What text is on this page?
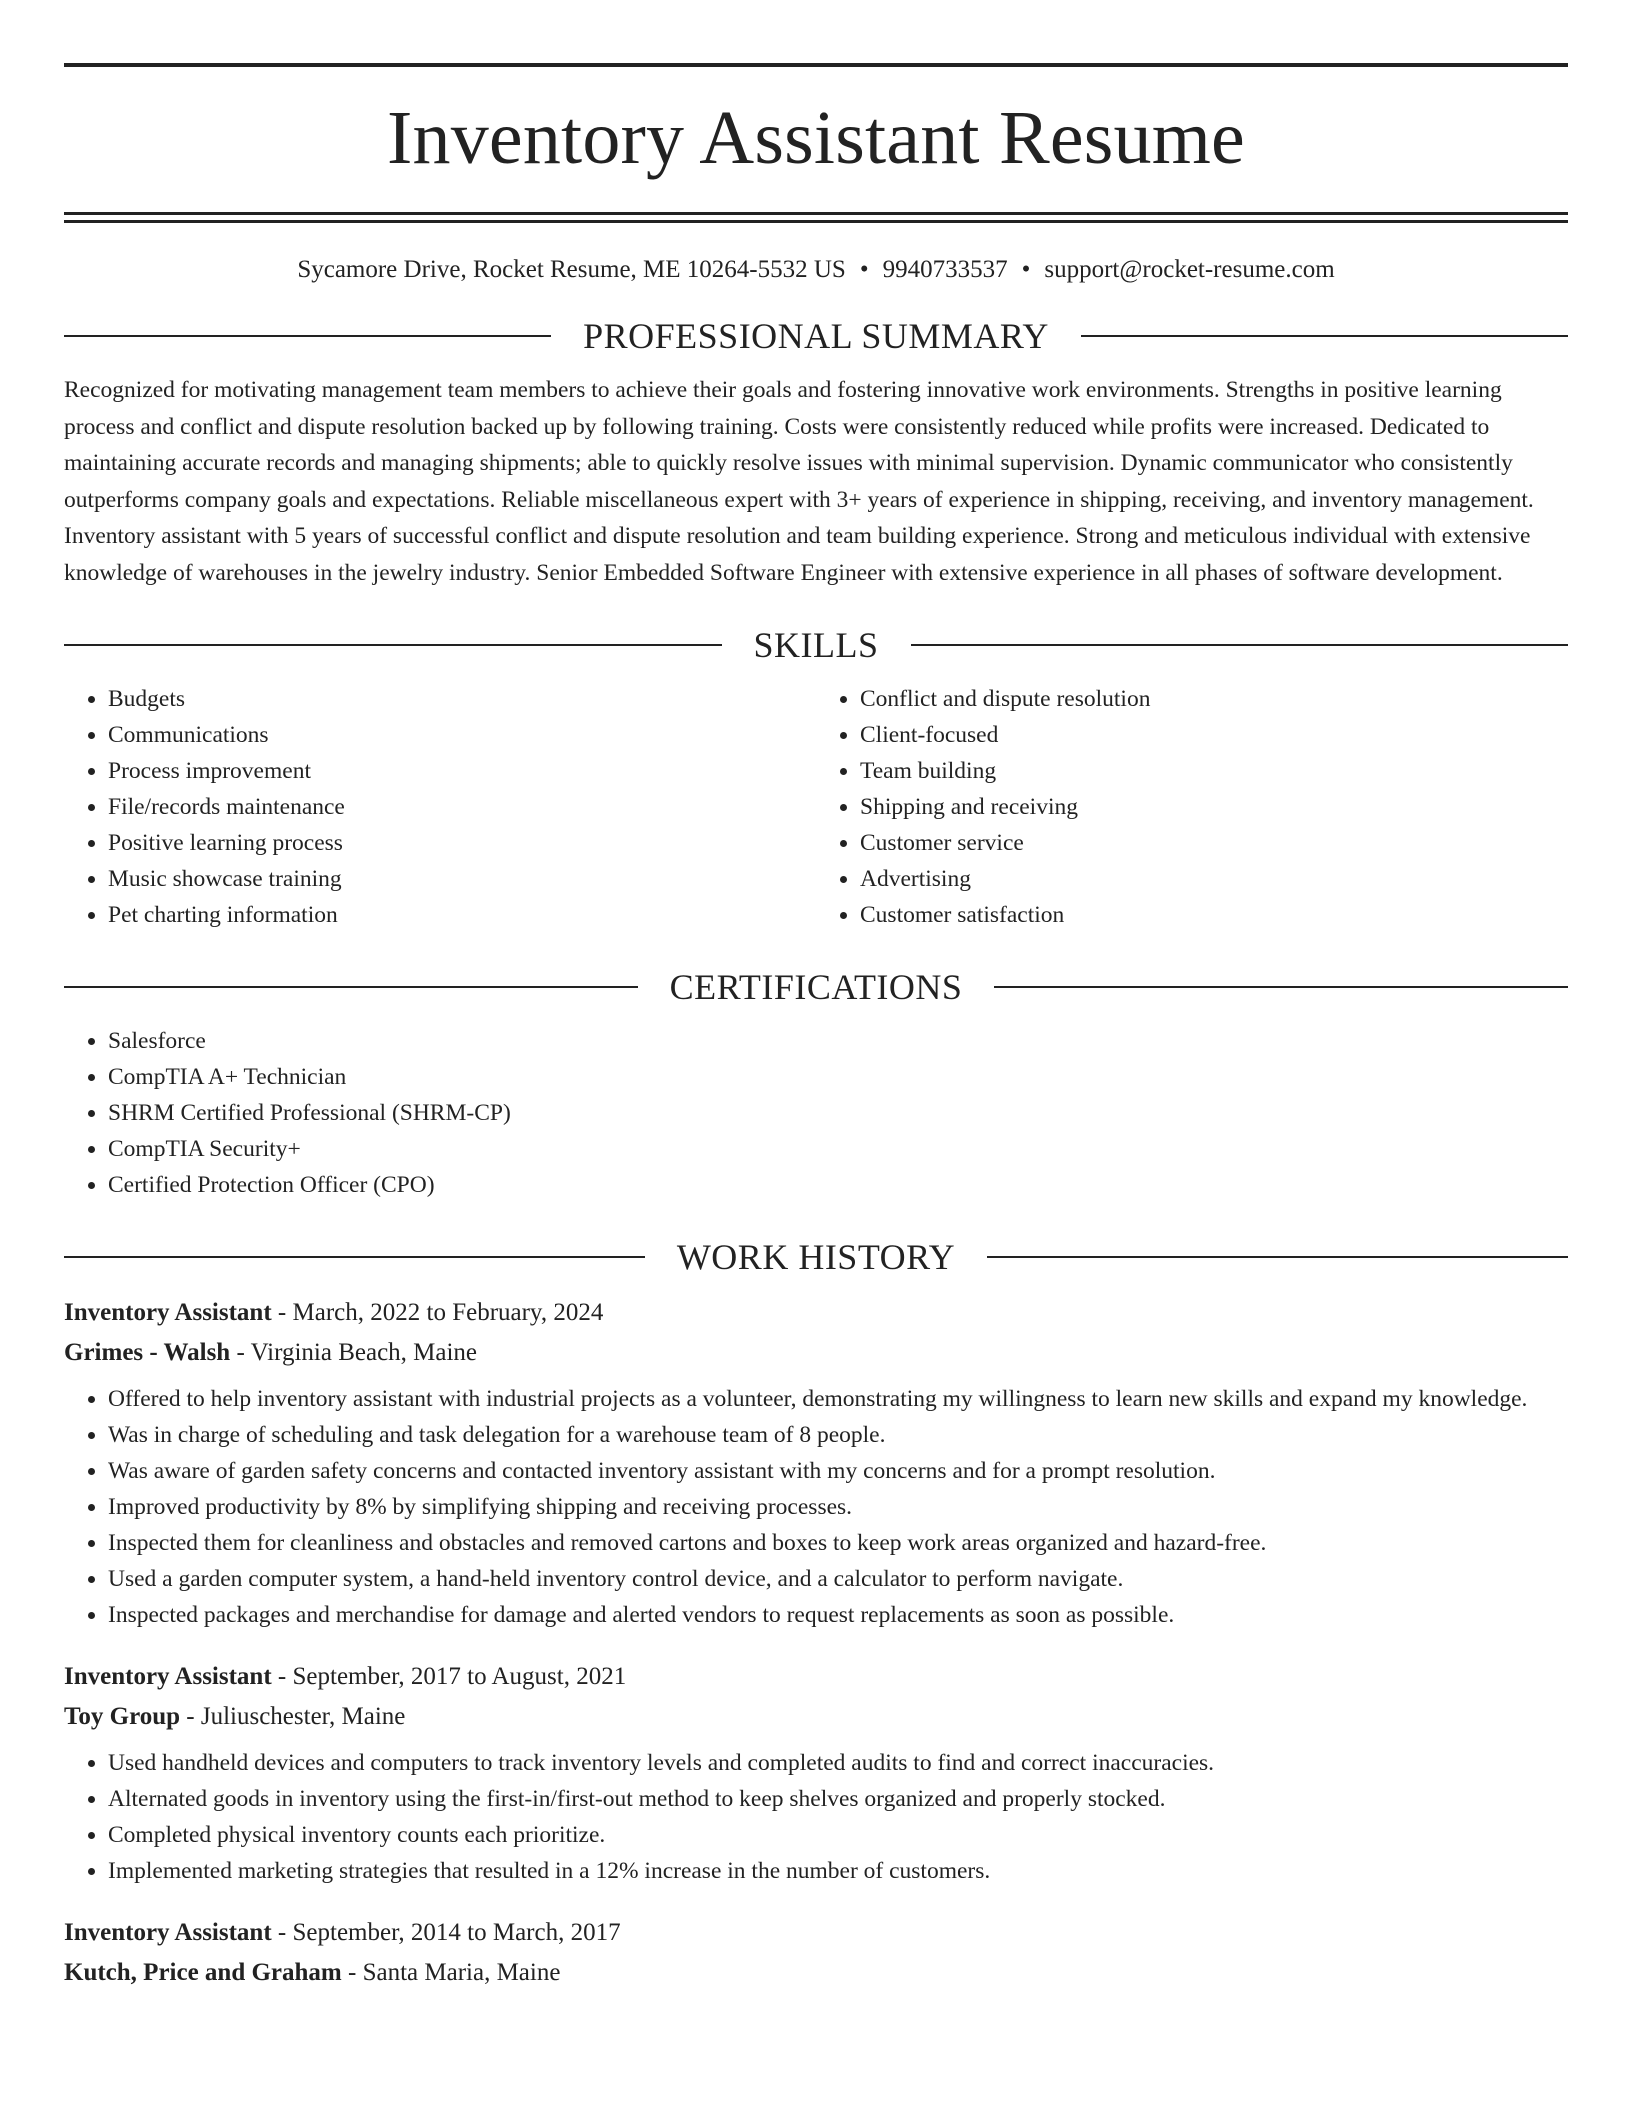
Inventory Assistant Resume
Sycamore Drive, Rocket Resume, ME 10264-5532 US • 9940733537 • support@rocket-resume.com
PROFESSIONAL SUMMARY

Recognized for motivating management team members to achieve their goals and fostering innovative work environments. Strengths in positive learning process and conflict and dispute resolution backed up by following training. Costs were consistently reduced while profits were increased. Dedicated to maintaining accurate records and managing shipments; able to quickly resolve issues with minimal supervision. Dynamic communicator who consistently outperforms company goals and expectations. Reliable miscellaneous expert with 3+ years of experience in shipping, receiving, and inventory management. Inventory assistant with 5 years of successful conflict and dispute resolution and team building experience. Strong and meticulous individual with extensive knowledge of warehouses in the jewelry industry. Senior Embedded Software Engineer with extensive experience in all phases of software development.

SKILLS
• Budgets
• Communications
• Process improvement
• File/records maintenance
• Positive learning process
• Music showcase training
• Pet charting information
• Conflict and dispute resolution
• Client-focused
• Team building
• Shipping and receiving
• Customer service
• Advertising
• Customer satisfaction
CERTIFICATIONS
• Salesforce
• CompTIA A+ Technician
• SHRM Certified Professional (SHRM-CP)
• CompTIA Security+
• Certified Protection Officer (CPO)
WORK HISTORY
Inventory Assistant - March, 2022 to February, 2024
Grimes - Walsh - Virginia Beach, Maine
• Offered to help inventory assistant with industrial projects as a volunteer, demonstrating my willingness to learn new skills and expand my knowledge.
• Was in charge of scheduling and task delegation for a warehouse team of 8 people.
• Was aware of garden safety concerns and contacted inventory assistant with my concerns and for a prompt resolution.
• Improved productivity by 8% by simplifying shipping and receiving processes.
• Inspected them for cleanliness and obstacles and removed cartons and boxes to keep work areas organized and hazard-free.
• Used a garden computer system, a hand-held inventory control device, and a calculator to perform navigate.
• Inspected packages and merchandise for damage and alerted vendors to request replacements as soon as possible.
Inventory Assistant - September, 2017 to August, 2021
Toy Group - Juliuschester, Maine
• Used handheld devices and computers to track inventory levels and completed audits to find and correct inaccuracies.
• Alternated goods in inventory using the first-in/first-out method to keep shelves organized and properly stocked.
• Completed physical inventory counts each prioritize.
• Implemented marketing strategies that resulted in a 12% increase in the number of customers.
Inventory Assistant - September, 2014 to March, 2017
Kutch, Price and Graham - Santa Maria, Maine
